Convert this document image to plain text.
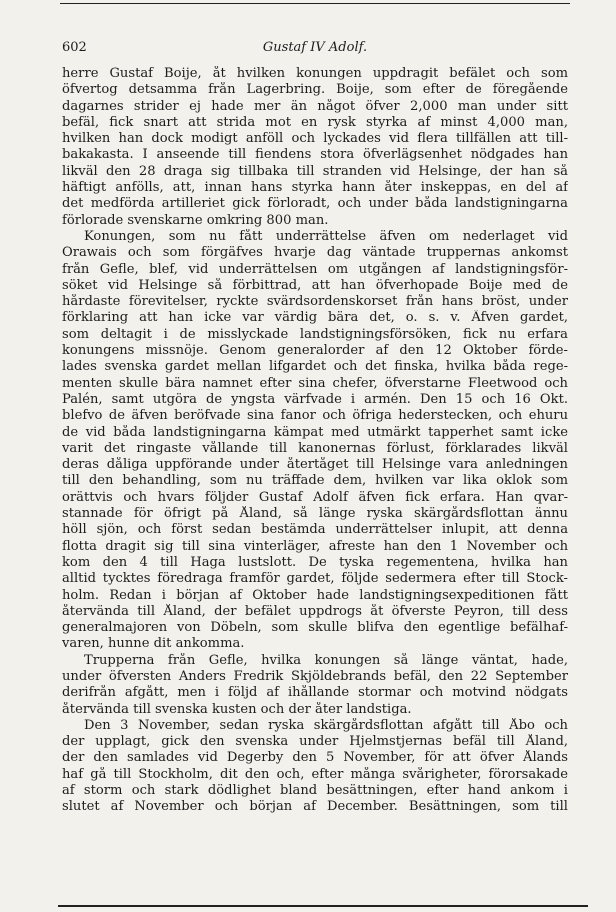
602	Gustaf IV Adolf.
herre Gustaf Boije, åt hvilken konungen uppdragit befälet och som
öfvertog detsamma från Lagerbring. Boije, som efter de föregående
dagarnes strider ej hade mer än något öfver 2,000 man under sitt
befäl, fick snart att strida mot en rysk styrka af minst 4,000 man,
hvilken han dock modigt anföll och lyckades vid flera tillfällen att till-
bakakasta. I anseende till fiendens stora öfverlägsenhet nödgades han
likväl den 28 draga sig tillbaka till stranden vid Helsinge, der han så
häftigt anfölls, att, innan hans styrka hann åter inskeppas, en del af
det medförda artilleriet gick förloradt, och under båda landstigningarna
förlorade svenskarne omkring 800 man.
Konungen, som nu fått underrättelse äfven om nederlaget vid
Orawais och som förgäfves hvarje dag väntade truppernas ankomst
från Gefle, blef, vid underrättelsen om utgången af landstigningsför-
söket vid Helsinge så förbittrad, att han öfverhopade Boije med de
hårdaste förevitelser, ryckte svärdsordenskorset från hans bröst, under
förklaring att han icke var värdig bära det, o. s. v. Äfven gardet,
som deltagit i de misslyckade landstigningsförsöken, fick nu erfara
konungens missnöje. Genom generalorder af den 12 Oktober förde-
lades svenska gardet mellan lifgardet och det finska, hvilka båda rege-
menten skulle bära namnet efter sina chefer, öfverstarne Fleetwood och
Palén, samt utgöra de yngsta värfvade i armén. Den 15 och 16 Okt.
blefvo de äfven beröfvade sina fanor och öfriga hederstecken, och ehuru
de vid båda landstigningarna kämpat med utmärkt tapperhet samt icke
varit det ringaste vållande till kanonernas förlust, förklarades likväl
deras dåliga uppförande under återtåget till Helsinge vara anledningen
till den behandling, som nu träffade dem, hvilken var lika oklok som
orättvis och hvars följder Gustaf Adolf äfven fick erfara. Han qvar-
stannade för öfrigt på Åland, så länge ryska skärgårdsflottan ännu
höll sjön, och först sedan bestämda underrättelser inlupit, att denna
flotta dragit sig till sina vinterläger, afreste han den 1 November och
kom den 4 till Haga lustslott. De tyska regementena, hvilka han
alltid tycktes föredraga framför gardet, följde sedermera efter till Stock-
holm. Redan i början af Oktober hade landstigningsexpeditionen fått
återvända till Åland, der befälet uppdrogs åt öfverste Peyron, till dess
generalmajoren von Döbeln, som skulle blifva den egentlige befälhaf-
varen, hunne dit ankomma.
Trupperna från Gefle, hvilka konungen så länge väntat, hade,
under öfversten Anders Fredrik Skjöldebrands befäl, den 22 September
derifrån afgått, men i följd af ihållande stormar och motvind nödgats
återvända till svenska kusten och der åter landstiga.
Den 3 November, sedan ryska skärgårdsflottan afgått till Åbo och
der upplagt, gick den svenska under Hjelmstjernas befäl till Åland,
der den samlades vid Degerby den 5 November, för att öfver Ålands
haf gå till Stockholm, dit den och, efter många svårigheter, förorsakade
af storm och stark dödlighet bland besättningen, efter hand ankom i
slutet af November och början af December. Besättningen, som till
